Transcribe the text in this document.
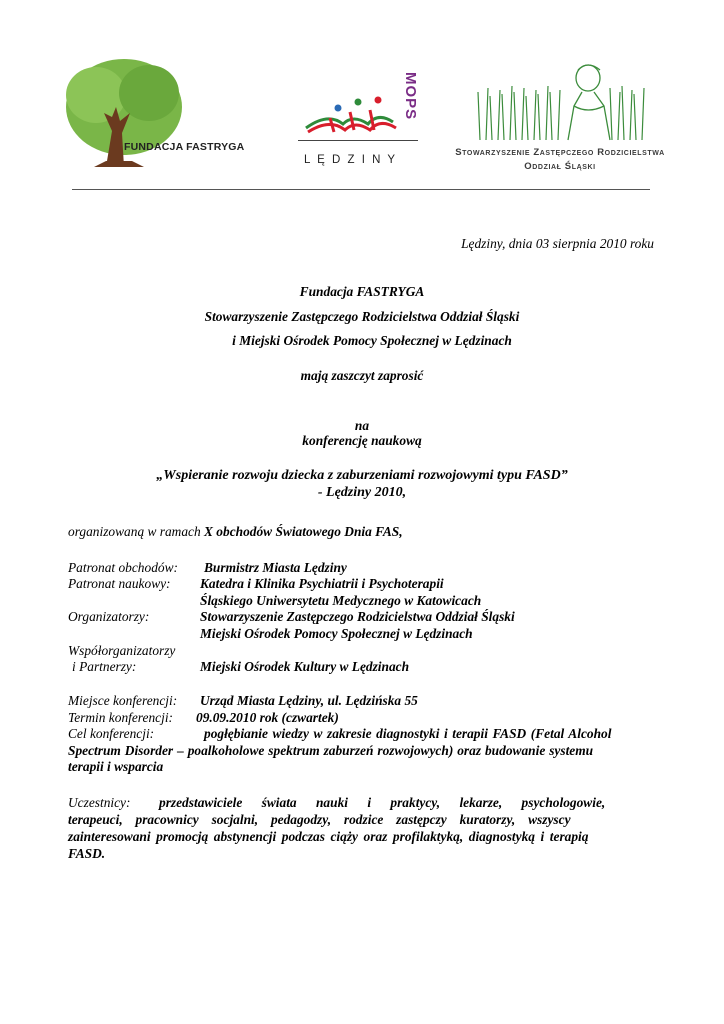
FUNDACJA FASTRYGA
MOPS
L Ę D Z I N Y
Stowarzyszenie Zastępczego Rodzicielstwa
Oddział Śląski
Lędziny, dnia 03 sierpnia 2010 roku
Fundacja FASTRYGA
Stowarzyszenie Zastępczego Rodzicielstwa Oddział Śląski
i Miejski Ośrodek Pomocy Społecznej w Lędzinach
mają zaszczyt zaprosić
na
konferencję naukową
„Wspieranie rozwoju dziecka z zaburzeniami rozwojowymi typu FASD”
- Lędziny 2010,
organizowaną w ramach X obchodów Światowego Dnia FAS,
Patronat obchodów: Burmistrz Miasta Lędziny
Patronat naukowy: Katedra i Klinika Psychiatrii i Psychoterapii
Śląskiego Uniwersytetu Medycznego w Katowicach
Organizatorzy:	Stowarzyszenie Zastępczego Rodzicielstwa Oddział Śląski
Miejski Ośrodek Pomocy Społecznej w Lędzinach
Współorganizatorzy
i Partnerzy:	Miejski Ośrodek Kultury w Lędzinach
Miejsce konferencji: Urząd Miasta Lędziny, ul. Lędzińska 55
Termin konferencji: 09.09.2010 rok (czwartek)
Cel konferencji:	pogłębianie wiedzy w zakresie diagnostyki i terapii FASD (Fetal Alcohol
Spectrum Disorder – poalkoholowe spektrum zaburzeń rozwojowych) oraz budowanie systemu
terapii i wsparcia
Uczestnicy: przedstawiciele świata nauki i praktycy, lekarze, psychologowie,
terapeuci, pracownicy socjalni, pedagodzy, rodzice zastępczy kuratorzy, wszyscy
zainteresowani promocją abstynencji podczas ciąży oraz profilaktyką, diagnostyką i terapią
FASD.
